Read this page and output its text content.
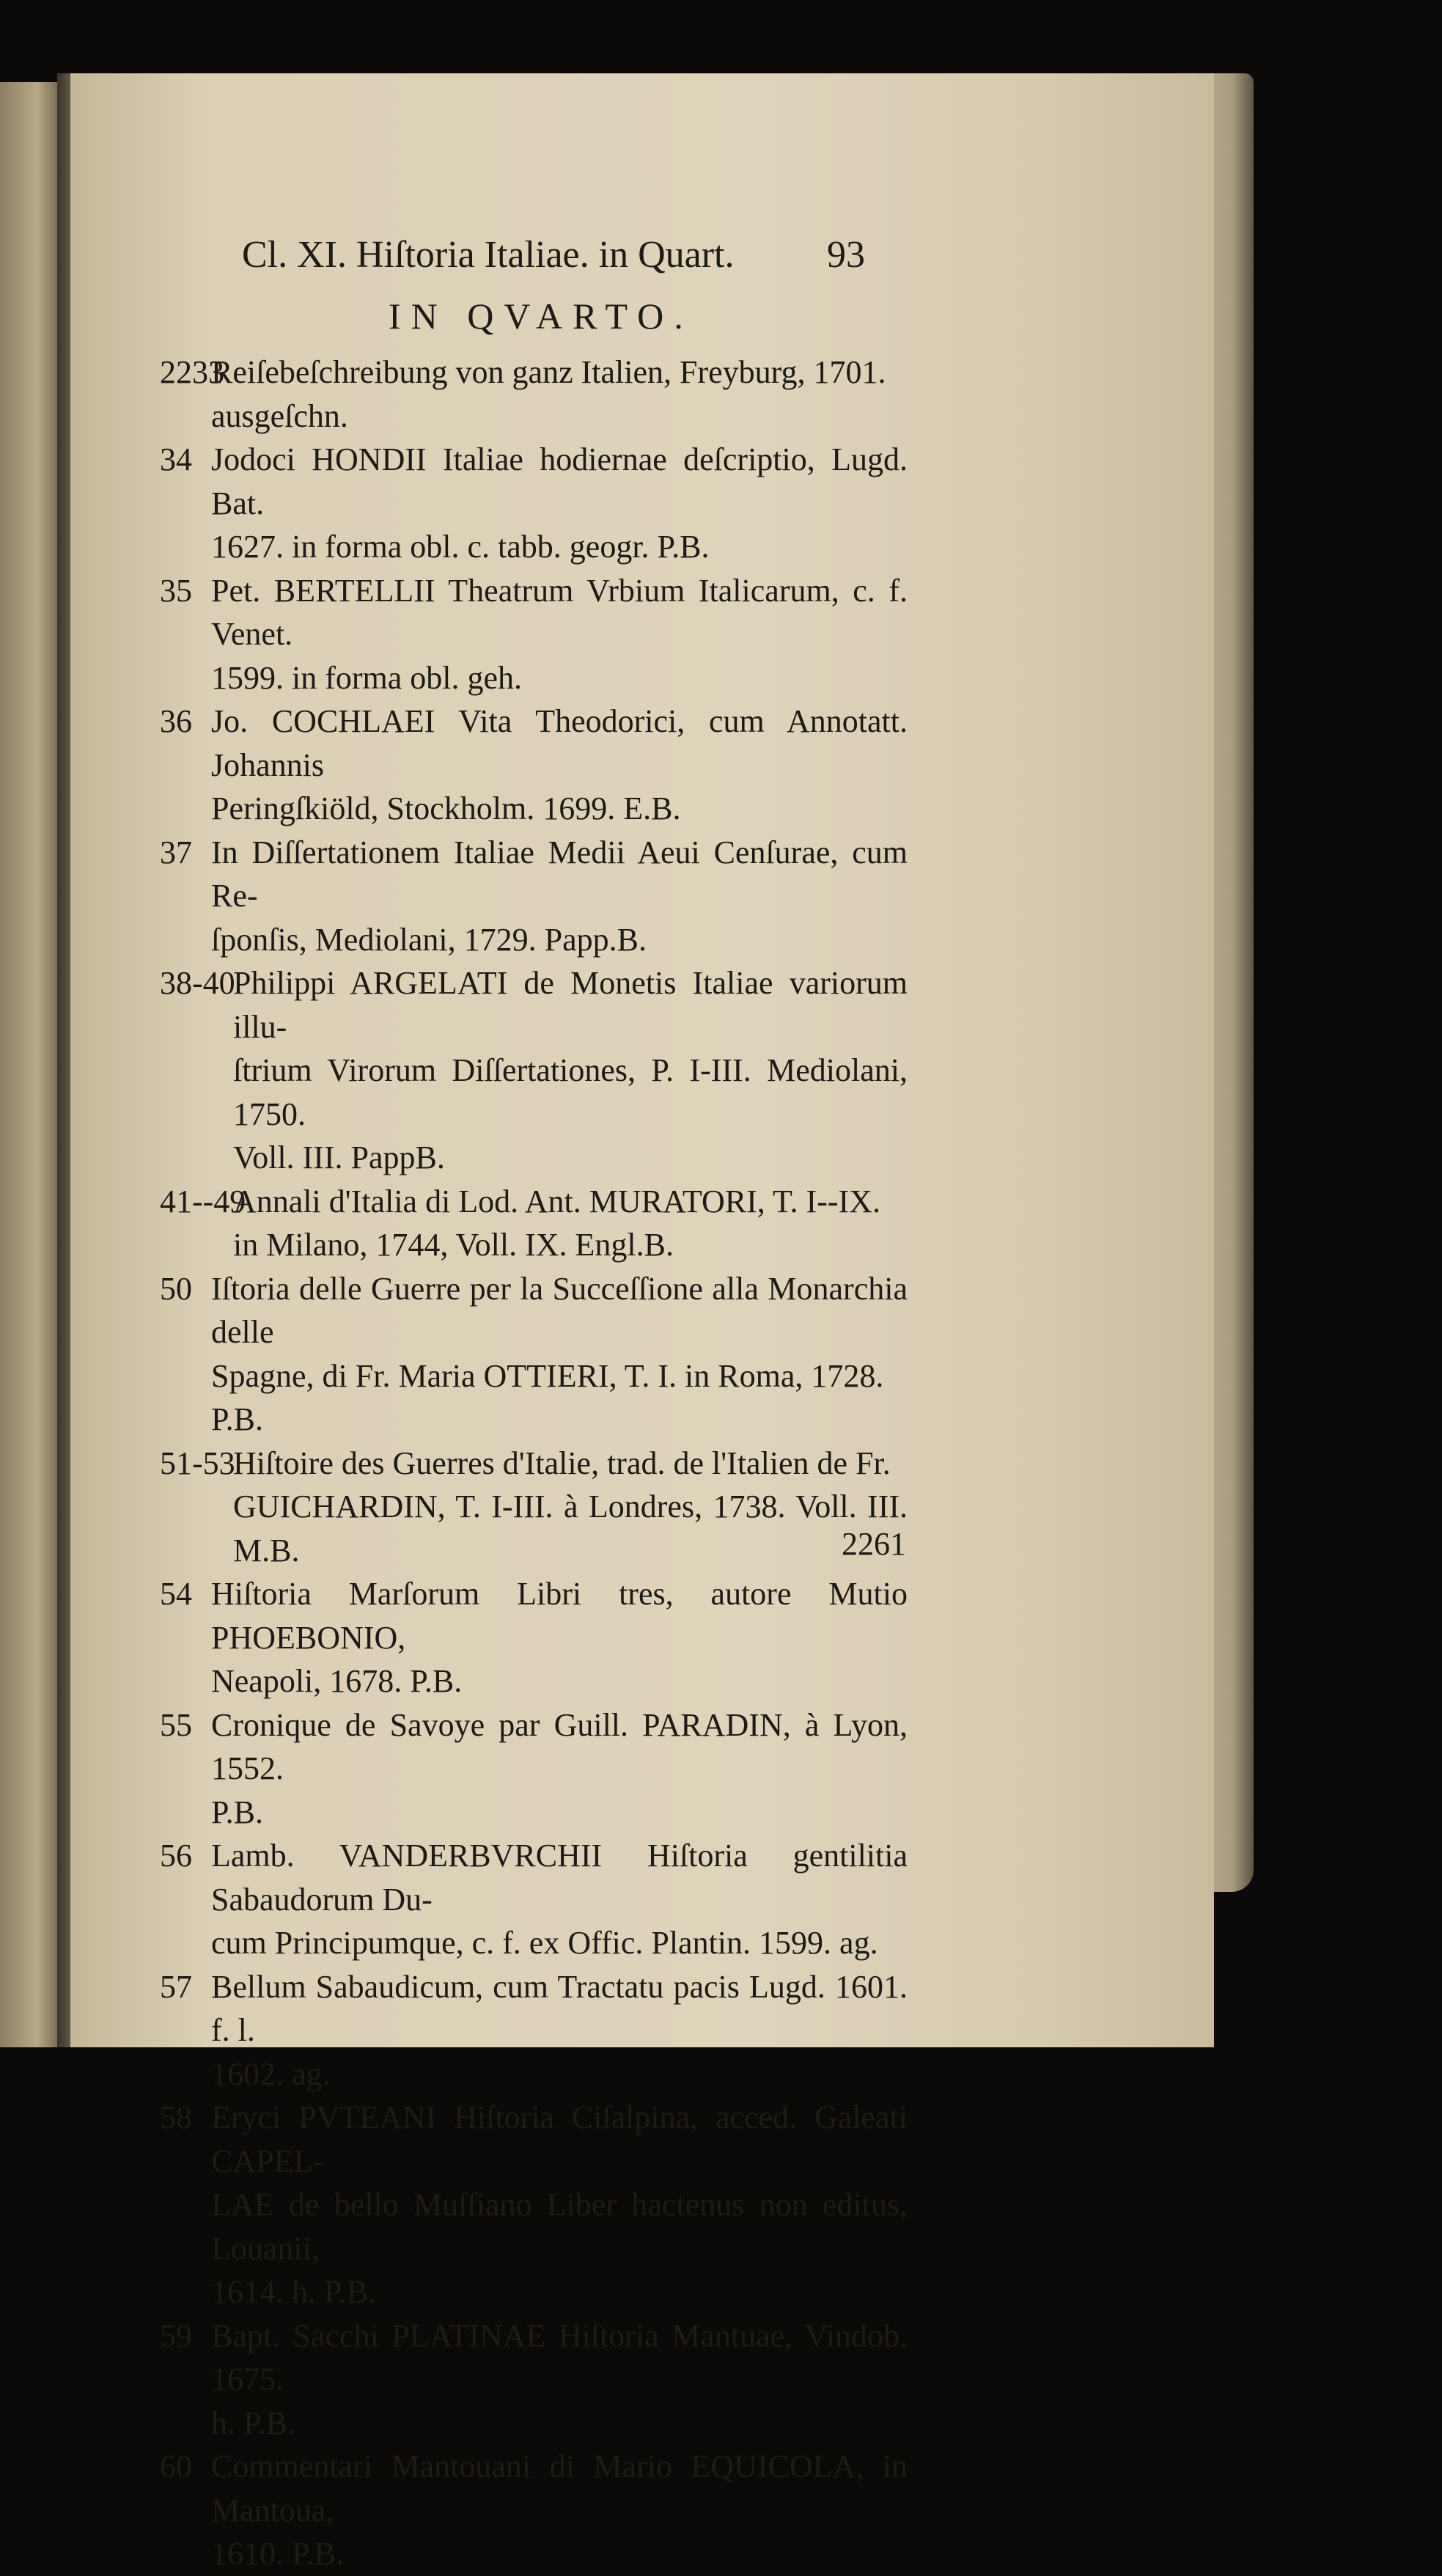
Cl. XI. Hiſtoria Italiae. in Quart. 93
IN QVARTO.
2233
Reiſebeſchreibung von ganz Italien, Freyburg, 1701.
ausgeſchn.
34 Jodoci HONDII Italiae hodiernae deſcriptio, Lugd. Bat.
1627. in forma obl. c. tabb. geogr. P.B.
35 Pet. BERTELLII Theatrum Vrbium Italicarum, c. f. Venet.
1599. in forma obl. geh.
36 Jo. COCHLAEI Vita Theodorici, cum Annotatt. Johannis
Peringſkiöld, Stockholm. 1699. E.B.
37 In Diſſertationem Italiae Medii Aeui Cenſurae, cum Re-
ſponſis, Mediolani, 1729. Papp.B.
38-40
Philippi ARGELATI de Monetis Italiae variorum illu-
ſtrium Virorum Diſſertationes, P. I-III. Mediolani, 1750.
Voll. III. PappB.
41--49
Annali d'Italia di Lod. Ant. MURATORI, T. I--IX.
in Milano, 1744, Voll. IX. Engl.B.
50 Iſtoria delle Guerre per la Succeſſione alla Monarchia delle
Spagne, di Fr. Maria OTTIERI, T. I. in Roma, 1728.
P.B.
51-53
Hiſtoire des Guerres d'Italie, trad. de l'Italien de Fr.
GUICHARDIN, T. I-III. à Londres, 1738. Voll. III. M.B.
54 Hiſtoria Marſorum Libri tres, autore Mutio PHOEBONIO,
Neapoli, 1678. P.B.
55 Cronique de Savoye par Guill. PARADIN, à Lyon, 1552.
P.B.
56 Lamb. VANDERBVRCHII Hiſtoria gentilitia Sabaudorum Du-
cum Principumque, c. f. ex Offic. Plantin. 1599. ag.
57 Bellum Sabaudicum, cum Tractatu pacis Lugd. 1601. f. l.
1602. ag.
58 Eryci PVTEANI Hiſtoria Ciſalpina, acced. Galeati CAPEL-
LAE de bello Muſſiano Liber hactenus non editus, Louanii,
1614. h. P.B.
59 Bapt. Sacchi PLATINAE Hiſtoria Mantuae, Vindob. 1675.
h. P.B.
60 Commentari Mantouani di Mario EQUICOLA, in Mantoua,
1610. P.B.
2261
